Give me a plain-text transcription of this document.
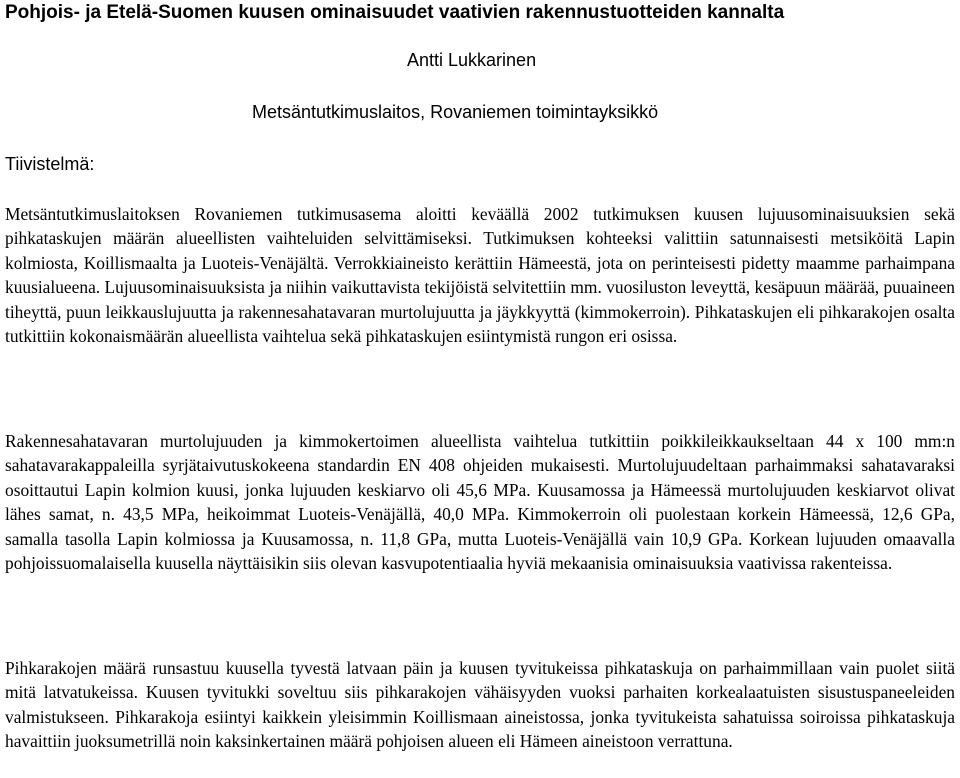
Pohjois- ja Etelä-Suomen kuusen ominaisuudet vaativien rakennustuotteiden kannalta
Antti Lukkarinen
Metsäntutkimuslaitos, Rovaniemen toimintayksikkö
Tiivistelmä:

Metsäntutkimuslaitoksen Rovaniemen tutkimusasema aloitti keväällä 2002 tutkimuksen kuusen lujuusominaisuuksien sekä pihkataskujen määrän alueellisten vaihteluiden selvittämiseksi. Tutkimuksen kohteeksi valittiin satunnaisesti metsiköitä Lapin kolmiosta, Koillismaalta ja Luoteis-Venäjältä. Verrokkiaineisto kerättiin Hämeestä, jota on perinteisesti pidetty maamme parhaimpana kuusialueena. Lujuusominaisuuksista ja niihin vaikuttavista tekijöistä selvitettiin mm. vuosiluston leveyttä, kesäpuun määrää, puuaineen tiheyttä, puun leikkauslujuutta ja rakennesahatavaran murtolujuutta ja jäykkyyttä (kimmokerroin). Pihkataskujen eli pihkarakojen osalta tutkittiin kokonaismäärän alueellista vaihtelua sekä pihkataskujen esiintymistä rungon eri osissa.

Rakennesahatavaran murtolujuuden ja kimmokertoimen alueellista vaihtelua tutkittiin poikkileikkaukseltaan 44 x 100 mm:n sahatavarakappaleilla syrjätaivutuskokeena standardin EN 408 ohjeiden mukaisesti. Murtolujuudeltaan parhaimmaksi sahatavaraksi osoittautui Lapin kolmion kuusi, jonka lujuuden keskiarvo oli 45,6 MPa. Kuusamossa ja Hämeessä murtolujuuden keskiarvot olivat lähes samat, n. 43,5 MPa, heikoimmat Luoteis-Venäjällä, 40,0 MPa. Kimmokerroin oli puolestaan korkein Hämeessä, 12,6 GPa, samalla tasolla Lapin kolmiossa ja Kuusamossa, n. 11,8 GPa, mutta Luoteis-Venäjällä vain 10,9 GPa. Korkean lujuuden omaavalla pohjoissuomalaisella kuusella näyttäisikin siis olevan kasvupotentiaalia hyviä mekaanisia ominaisuuksia vaativissa rakenteissa.

Pihkarakojen määrä runsastuu kuusella tyvestä latvaan päin ja kuusen tyvitukeissa pihkataskuja on parhaimmillaan vain puolet siitä mitä latvatukeissa. Kuusen tyvitukki soveltuu siis pihkarakojen vähäisyyden vuoksi parhaiten korkealaatuisten sisustuspaneeleiden valmistukseen. Pihkarakoja esiintyi kaikkein yleisimmin Koillismaan aineistossa, jonka tyvitukeista sahatuissa soiroissa pihkataskuja havaittiin juoksumetrillä noin kaksinkertainen määrä pohjoisen alueen eli Hämeen aineistoon verrattuna.
